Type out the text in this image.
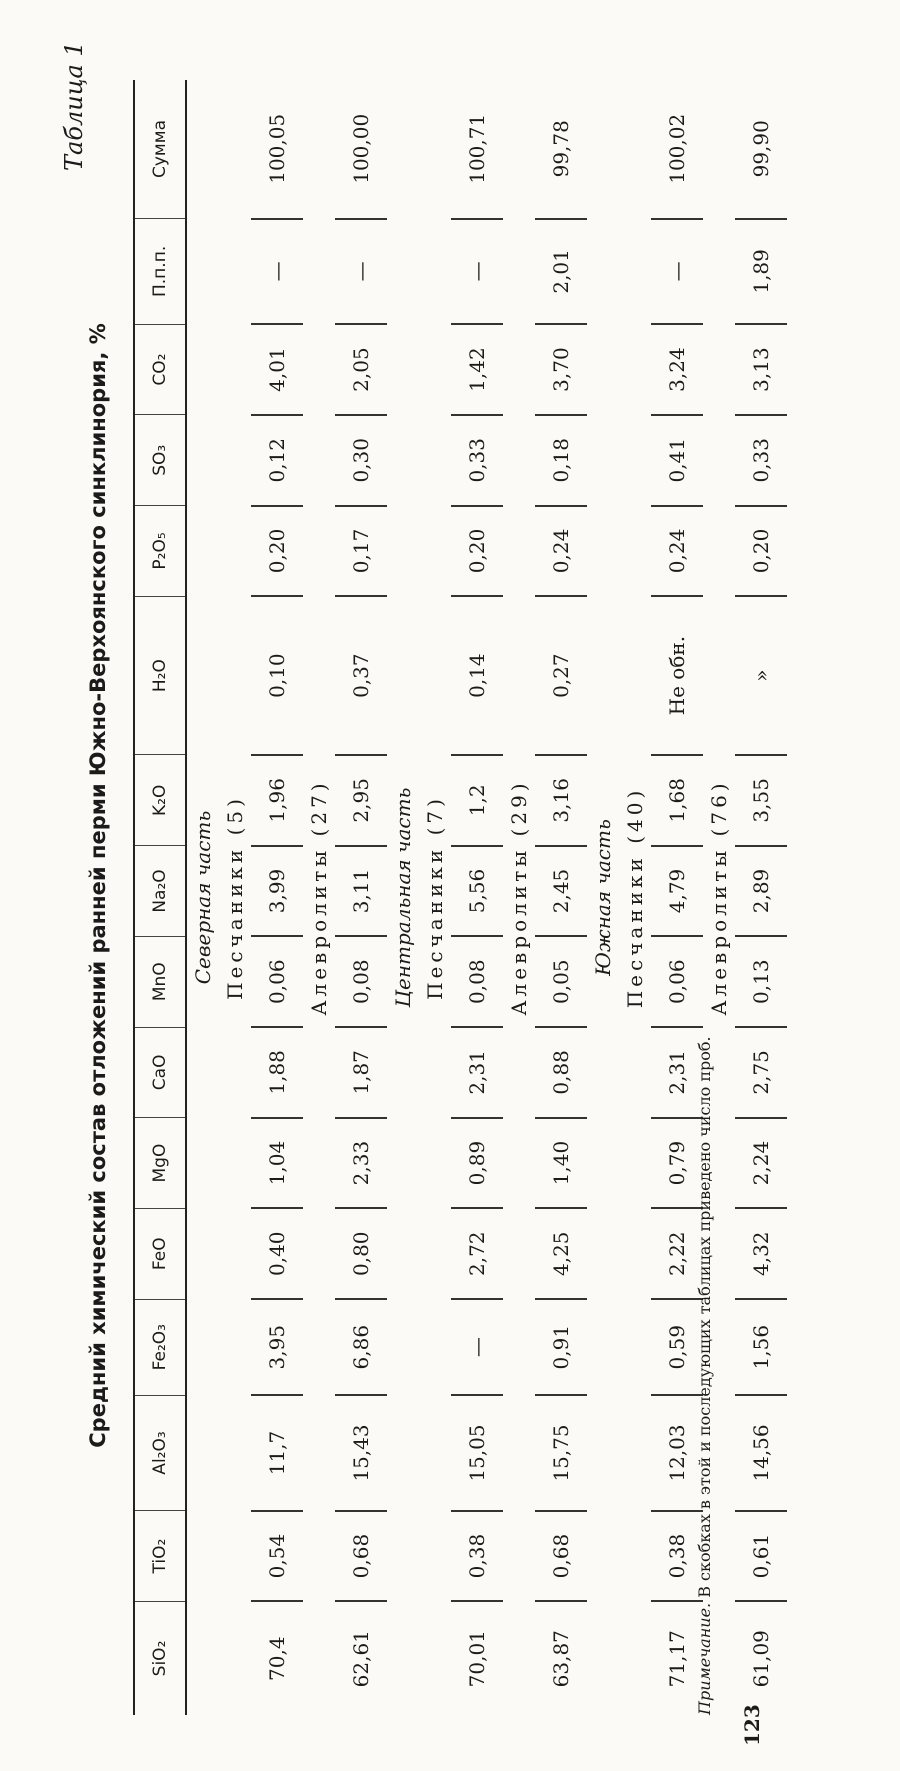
Таблица 1
Средний химический состав отложений ранней перми Южно-Верхоянского синклинория, %
SiO₂	TiO₂	Al₂O₃	Fe₂O₃	FeO	MgO	CaO	MnO	Na₂O	K₂O	H₂O	P₂O₅	SO₃	CO₂	П.п.п.	Сумма
Северная часть															
Песчаники (5)															
70,4	0,54	11,7	3,95	0,40	1,04	1,88	0,06	3,99	1,96	0,10	0,20	0,12	4,01	—	100,05
Алевролиты (27)															
62,61	0,68	15,43	6,86	0,80	2,33	1,87	0,08	3,11	2,95	0,37	0,17	0,30	2,05	—	100,00
Центральная часть															
Песчаники (7)															
70,01	0,38	15,05	—	2,72	0,89	2,31	0,08	5,56	1,2	0,14	0,20	0,33	1,42	—	100,71
Алевролиты (29)															
63,87	0,68	15,75	0,91	4,25	1,40	0,88	0,05	2,45	3,16	0,27	0,24	0,18	3,70	2,01	99,78
Южная часть															
Песчаники (40)															
71,17	0,38	12,03	0,59	2,22	0,79	2,31	0,06	4,79	1,68	Не обн.	0,24	0,41	3,24	—	100,02
Алевролиты (76)															
61,09	0,61	14,56	1,56	4,32	2,24	2,75	0,13	2,89	3,55	»	0,20	0,33	3,13	1,89	99,90
Примечание. В скобках в этой и последующих таблицах приведено число проб.
123
